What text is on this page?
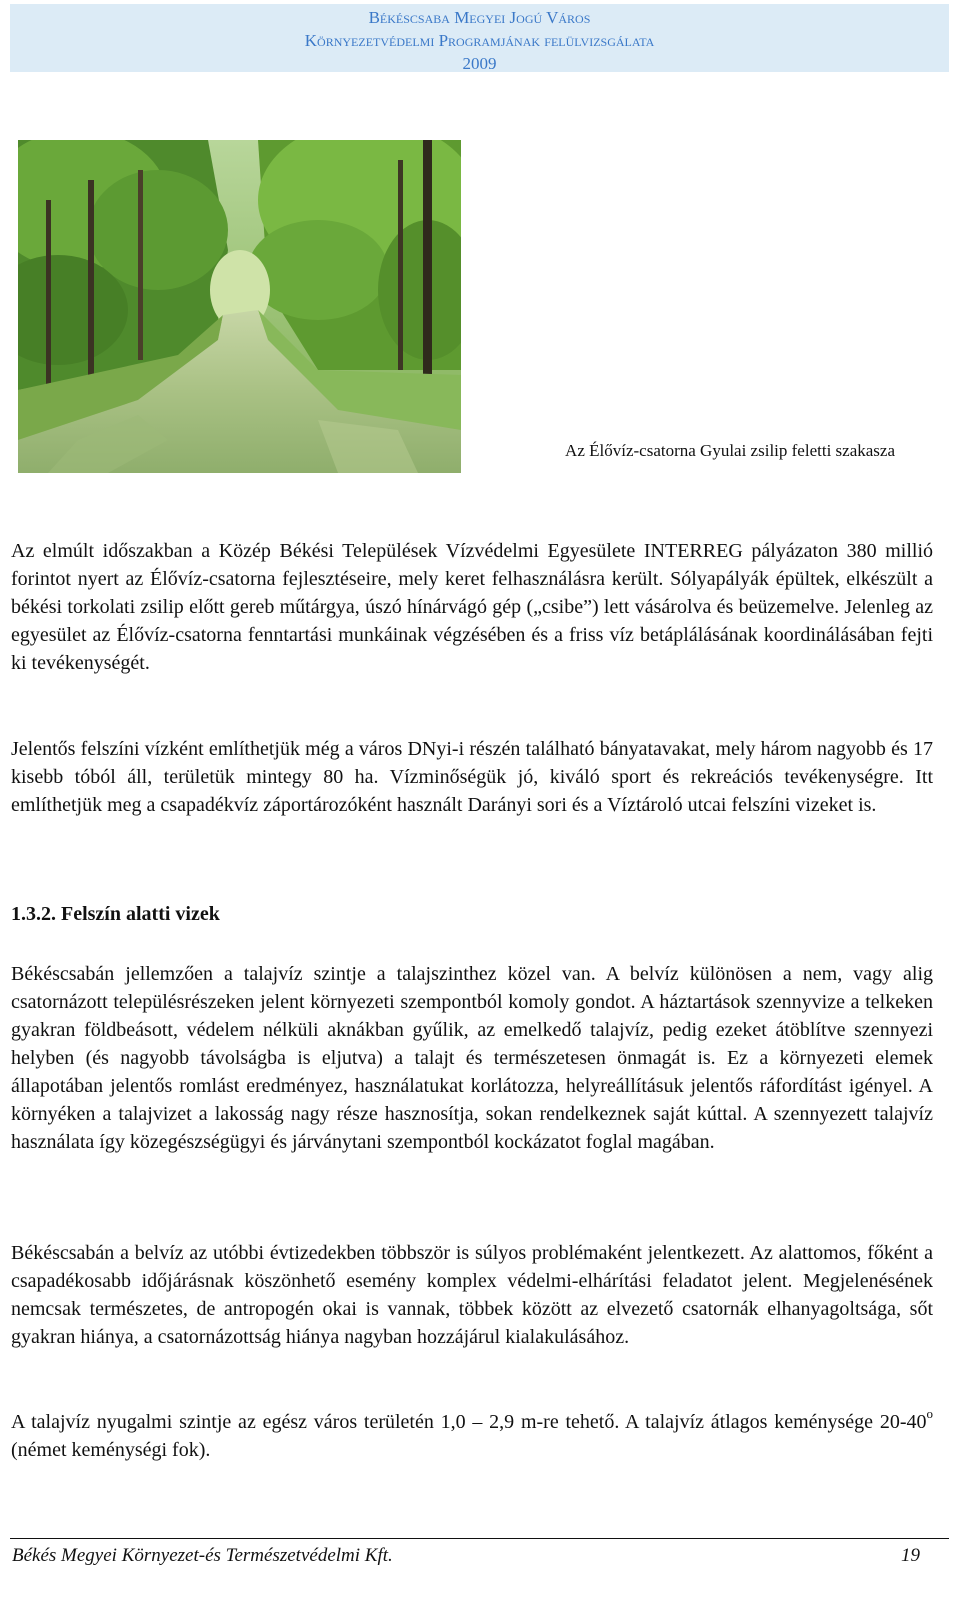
Békéscsaba Megyei Jogú Város
Környezetvédelmi Programjának felülvizsgálata
2009
Az Élővíz-csatorna Gyulai zsilip feletti szakasza

Az elmúlt időszakban a Közép Békési Települések Vízvédelmi Egyesülete INTERREG pályázaton 380 millió forintot nyert az Élővíz-csatorna fejlesztéseire, mely keret felhasználásra került. Sólyapályák épültek, elkészült a békési torkolati zsilip előtt gereb műtárgya, úszó hínárvágó gép („csibe”) lett vásárolva és beüzemelve. Jelenleg az egyesület az Élővíz-csatorna fenntartási munkáinak végzésében és a friss víz betáplálásának koordinálásában fejti ki tevékenységét.

Jelentős felszíni vízként említhetjük még a város DNyi-i részén található bányatavakat, mely három nagyobb és 17 kisebb tóból áll, területük mintegy 80 ha. Vízminőségük jó, kiváló sport és rekreációs tevékenységre. Itt említhetjük meg a csapadékvíz záportározóként használt Darányi sori és a Víztároló utcai felszíni vizeket is.

1.3.2. Felszín alatti vizek

Békéscsabán jellemzően a talajvíz szintje a talajszinthez közel van. A belvíz különösen a nem, vagy alig csatornázott településrészeken jelent környezeti szempontból komoly gondot. A háztartások szennyvize a telkeken gyakran földbeásott, védelem nélküli aknákban gyűlik, az emelkedő talajvíz, pedig ezeket átöblítve szennyezi helyben (és nagyobb távolságba is eljutva) a talajt és természetesen önmagát is. Ez a környezeti elemek állapotában jelentős romlást eredményez, használatukat korlátozza, helyreállításuk jelentős ráfordítást igényel. A környéken a talajvizet a lakosság nagy része hasznosítja, sokan rendelkeznek saját kúttal. A szennyezett talajvíz használata így közegészségügyi és járványtani szempontból kockázatot foglal magában.

Békéscsabán a belvíz az utóbbi évtizedekben többször is súlyos problémaként jelentkezett. Az alattomos, főként a csapadékosabb időjárásnak köszönhető esemény komplex védelmi-elhárítási feladatot jelent. Megjelenésének nemcsak természetes, de antropogén okai is vannak, többek között az elvezető csatornák elhanyagoltsága, sőt gyakran hiánya, a csatornázottság hiánya nagyban hozzájárul kialakulásához.

A talajvíz nyugalmi szintje az egész város területén 1,0 – 2,9 m-re tehető. A talajvíz átlagos keménysége 20-40$^o$ (német keménységi fok).

Békés Megyei Környezet-és Természetvédelmi Kft.	19
